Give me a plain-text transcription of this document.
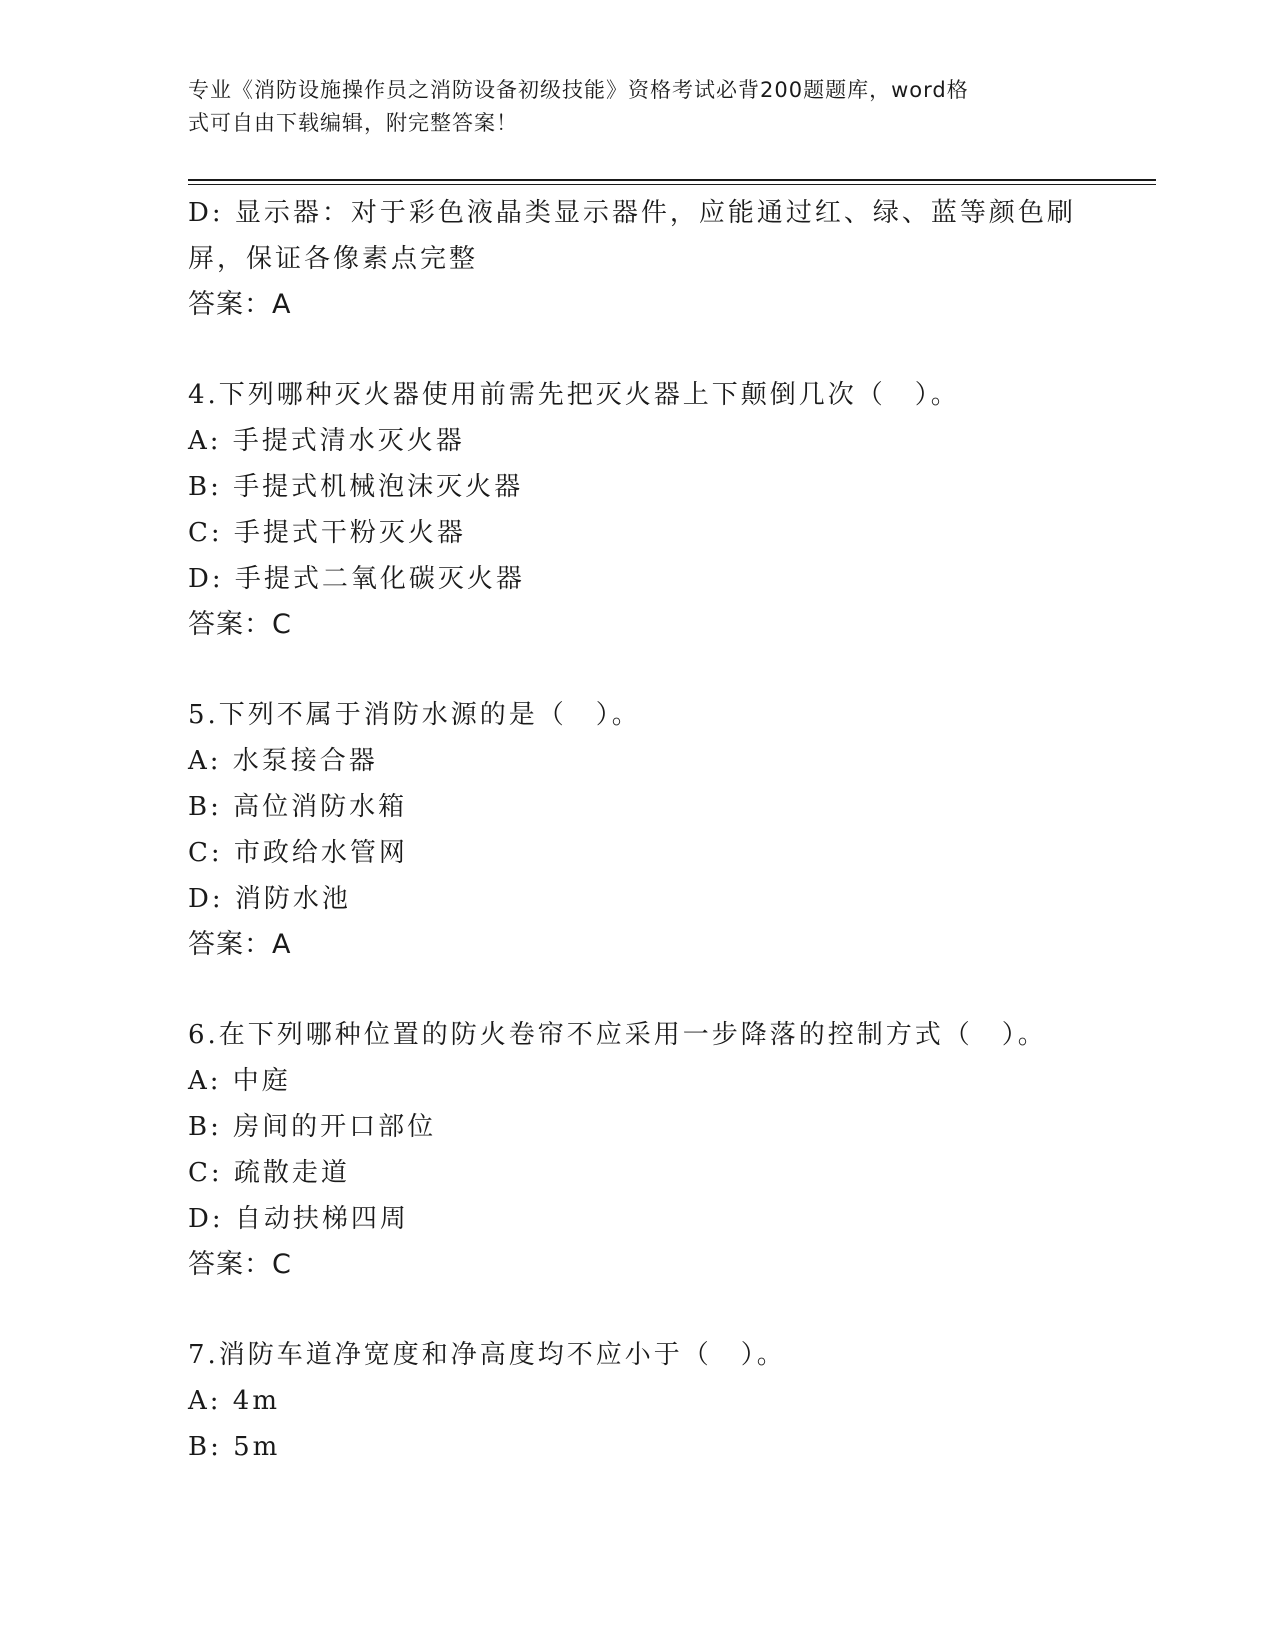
专业《消防设施操作员之消防设备初级技能》资格考试必背200题题库，word格
式可自由下载编辑，附完整答案！
D: 显示器：对于彩色液晶类显示器件，应能通过红、绿、蓝等颜色刷
屏，保证各像素点完整
答案：A
4.下列哪种灭火器使用前需先把灭火器上下颠倒几次（　）。
A: 手提式清水灭火器
B: 手提式机械泡沫灭火器
C: 手提式干粉灭火器
D: 手提式二氧化碳灭火器
答案：C
5.下列不属于消防水源的是（　）。
A: 水泵接合器
B: 高位消防水箱
C: 市政给水管网
D: 消防水池
答案：A
6.在下列哪种位置的防火卷帘不应采用一步降落的控制方式（　）。
A: 中庭
B: 房间的开口部位
C: 疏散走道
D: 自动扶梯四周
答案：C
7.消防车道净宽度和净高度均不应小于（　）。
A: 4m
B: 5m
